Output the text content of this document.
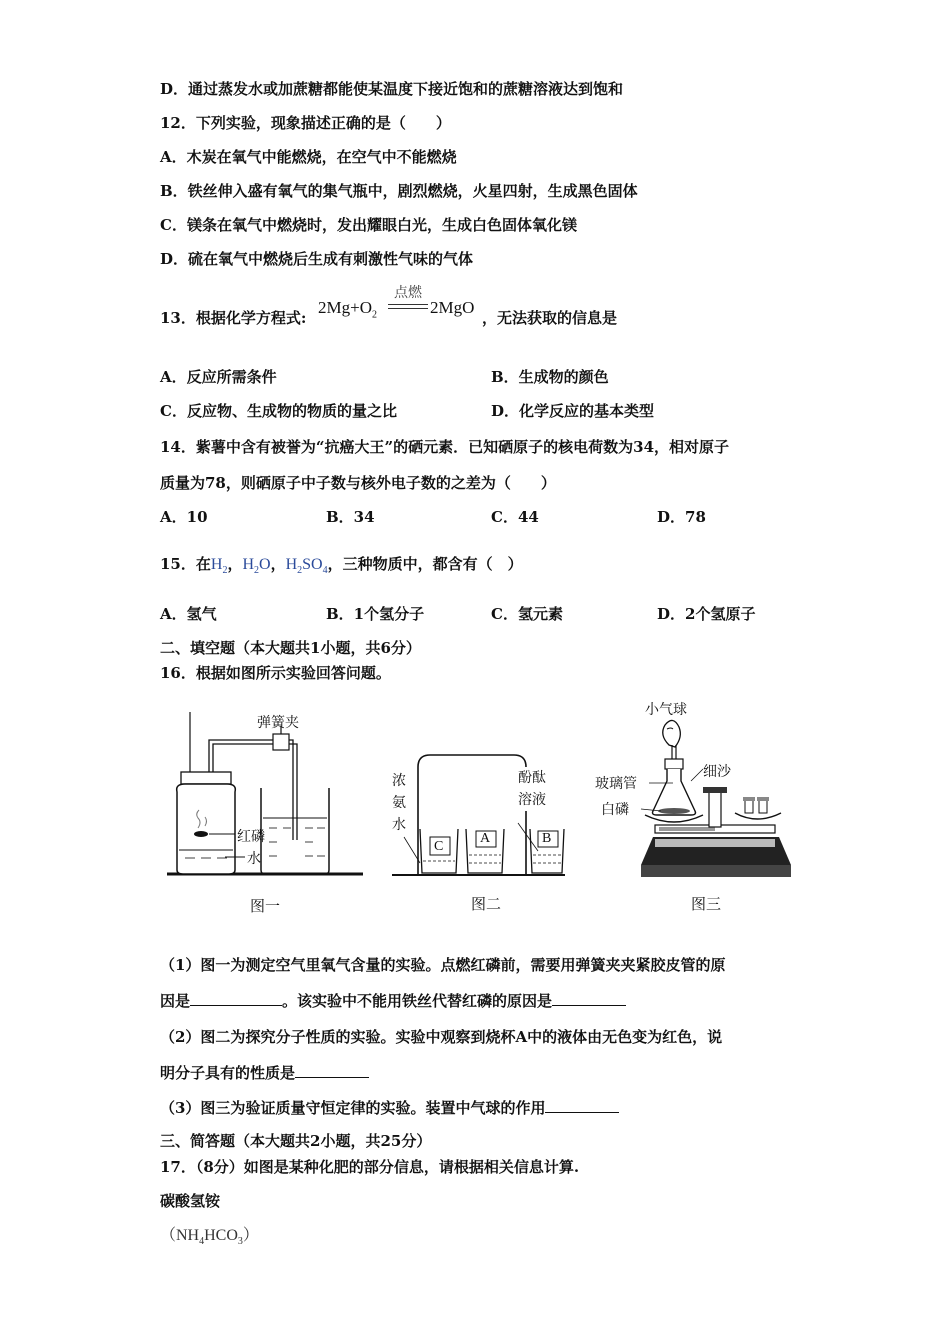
D．通过蒸发水或加蔗糖都能使某温度下接近饱和的蔗糖溶液达到饱和
12．下列实验，现象描述正确的是（　　）
A．木炭在氧气中能燃烧，在空气中不能燃烧
B．铁丝伸入盛有氧气的集气瓶中，剧烈燃烧，火星四射，生成黑色固体
C．镁条在氧气中燃烧时，发出耀眼白光，生成白色固体氧化镁
D．硫在氧气中燃烧后生成有刺激性气味的气体
13．根据化学方程式:
$2Mg+O_2$
点燃
2MgO
，无法获取的信息是
A．反应所需条件	B．生成物的颜色
C．反应物、生成物的物质的量之比	D．化学反应的基本类型
14．紫薯中含有被誉为“抗癌大王”的硒元素．已知硒原子的核电荷数为34，相对原子
质量为78，则硒原子中子数与核外电子数的之差为（　　）
A．10	B．34	C．44	D．78
15．在$H_2$，$H_2O$，$H_2SO_4$，三种物质中，都含有（　）
A．氢气	B．1个氢分子	C．氢元素	D．2个氢原子
二、填空题（本大题共1小题，共6分）
16．根据如图所示实验回答问题。
弹簧夹
红磷
水
图一
C
A	B
浓
氨
水
酚酞
溶液
图二
小气球
玻璃管
细沙
白磷
图三
（1）图一为测定空气里氧气含量的实验。点燃红磷前，需要用弹簧夹夹紧胶皮管的原
因是	。该实验中不能用铁丝代替红磷的原因是
（2）图二为探究分子性质的实验。实验中观察到烧杯A中的液体由无色变为红色，说
明分子具有的性质是
（3）图三为验证质量守恒定律的实验。装置中气球的作用
三、简答题（本大题共2小题，共25分）
17．（8分）如图是某种化肥的部分信息，请根据相关信息计算.
碳酸氢铵
$(NH_4HCO_3)$
